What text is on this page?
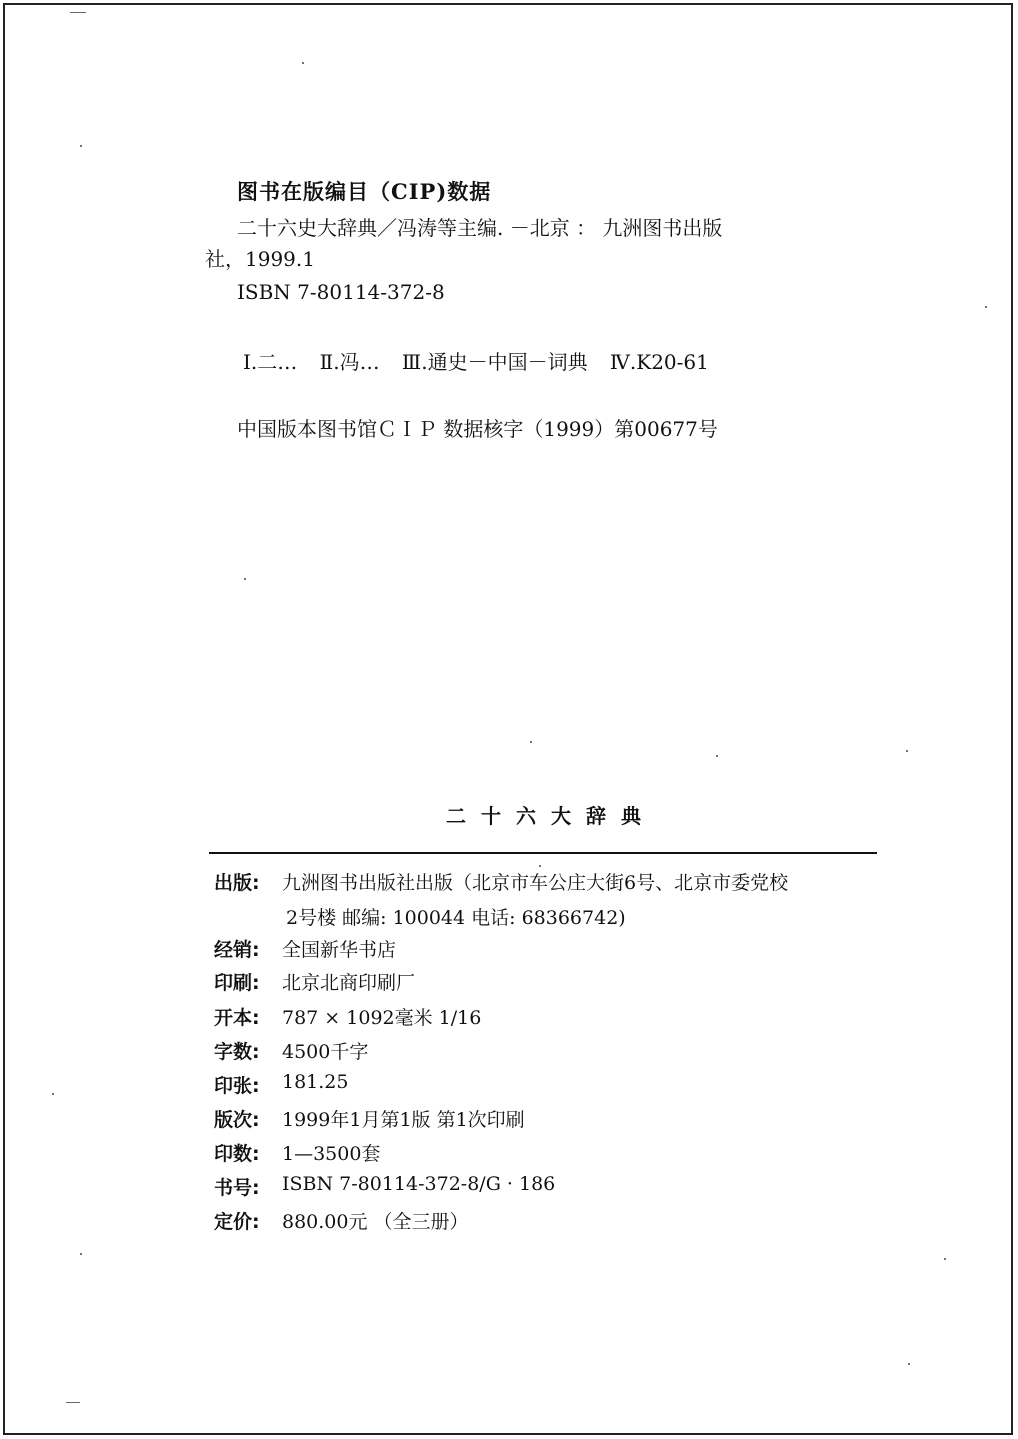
图书在版编目（CIP)数据
二十六史大辞典／冯涛等主编. －北京 ： 九洲图书出版
社，1999.1
ISBN 7-80114-372-8
Ⅰ.二… Ⅱ.冯… Ⅲ.通史－中国－词典 Ⅳ.K20-61
中国版本图书馆ＣＩＰ 数据核字（1999）第00677号
二十六大辞典
出版:	九洲图书出版社出版（北京市车公庄大街6号、北京市委党校
2号楼 邮编: 100044 电话: 68366742)
经销:	全国新华书店
印刷:	北京北商印刷厂
开本:	787 × 1092毫米 1/16
字数:	4500千字
印张:	181.25
版次:	1999年1月第1版 第1次印刷
印数:	1—3500套
书号:	ISBN 7-80114-372-8/G · 186
定价:	880.00元 （全三册）
